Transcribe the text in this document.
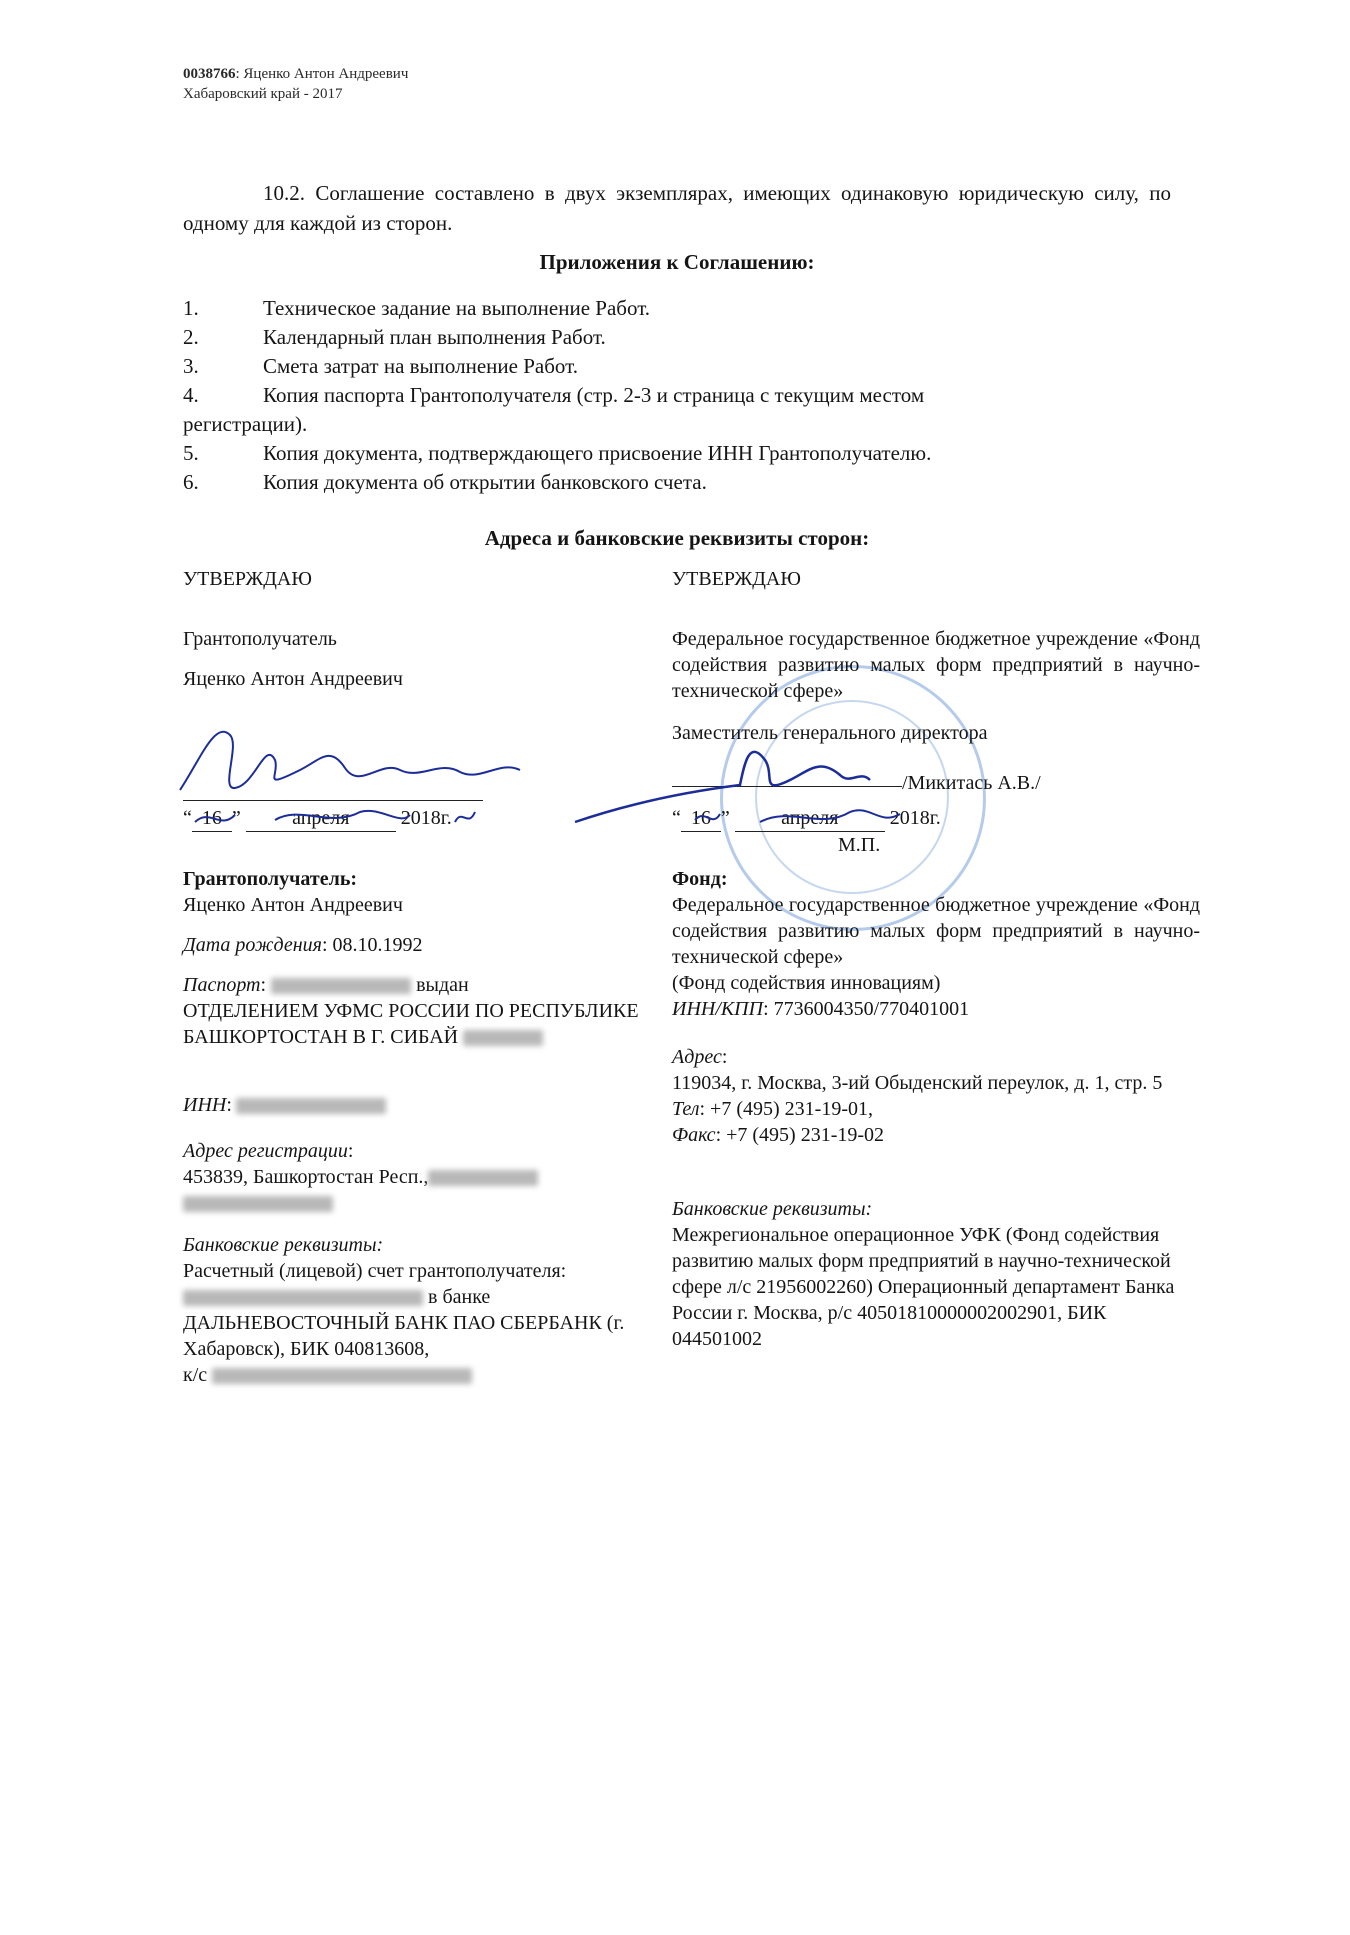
0038766: Яценко Антон Андреевич
Хабаровский край - 2017
10.2. Соглашение составлено в двух экземплярах, имеющих одинаковую юридическую силу, по одному для каждой из сторон.
Приложения к Соглашению:
1.	Техническое задание на выполнение Работ.
2.	Календарный план выполнения Работ.
3.	Смета затрат на выполнение Работ.
4.	Копия паспорта Грантополучателя (стр. 2-3 и страница с текущим местом
регистрации).
5.	Копия документа, подтверждающего присвоение ИНН Грантополучателю.
6.	Копия документа об открытии банковского счета.
Адреса и банковские реквизиты сторон:
УТВЕРЖДАЮ
Грантополучатель
Яценко Антон Андреевич
“ 16 ”	апреля	2018г.
УТВЕРЖДАЮ
Федеральное государственное бюджетное учреждение «Фонд содействия развитию малых форм предприятий в научно-технической сфере»
Заместитель генерального директора
/Микитась А.В./
“ 16 ”	апреля	2018г.
М.П.
Грантополучатель:
Яценко Антон Андреевич
Дата рождения: 08.10.1992
Паспорт:	выдан
ОТДЕЛЕНИЕМ УФМС РОССИИ ПО РЕСПУБЛИКЕ БАШКОРТОСТАН В Г. СИБАЙ
ИНН:
Адрес регистрации:
453839, Башкортостан Респ.,
Банковские реквизиты:
Расчетный (лицевой) счет грантополучателя:
в банке
ДАЛЬНЕВОСТОЧНЫЙ БАНК ПАО СБЕРБАНК (г. Хабаровск), БИК 040813608,
к/с
Фонд:
Федеральное государственное бюджетное учреждение «Фонд содействия развитию малых форм предприятий в научно-технической сфере»
(Фонд содействия инновациям)
ИНН/КПП: 7736004350/770401001
Адрес:
119034, г. Москва, 3-ий Обыденский переулок, д. 1, стр. 5
Тел: +7 (495) 231-19-01,
Факс: +7 (495) 231-19-02
Банковские реквизиты:
Межрегиональное операционное УФК (Фонд содействия развитию малых форм предприятий в научно-технической сфере л/с 21956002260) Операционный департамент Банка России г. Москва, р/с 40501810000002002901, БИК 044501002
